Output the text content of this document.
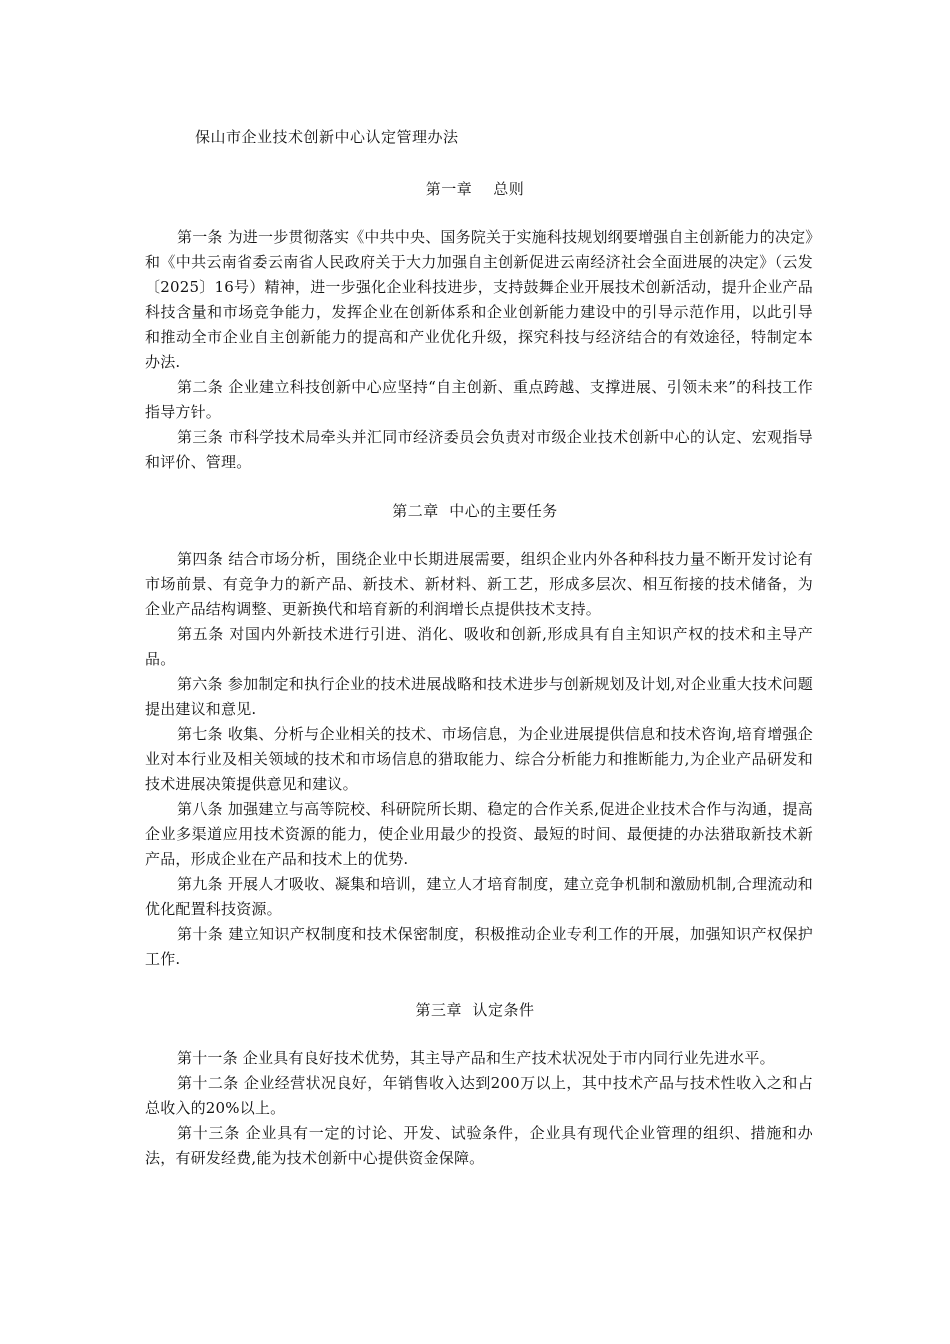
保山市企业技术创新中心认定管理办法
第一章    总则

第一条 为进一步贯彻落实《中共中央、国务院关于实施科技规划纲要增强自主创新能力的决定》和《中共云南省委云南省人民政府关于大力加强自主创新促进云南经济社会全面进展的决定》（云发〔2025〕16号）精神，进一步强化企业科技进步，支持鼓舞企业开展技术创新活动，提升企业产品科技含量和市场竞争能力，发挥企业在创新体系和企业创新能力建设中的引导示范作用，以此引导和推动全市企业自主创新能力的提高和产业优化升级，探究科技与经济结合的有效途径，特制定本办法.

第二条 企业建立科技创新中心应坚持“自主创新、重点跨越、支撑进展、引领未来”的科技工作指导方针。

第三条 市科学技术局牵头并汇同市经济委员会负责对市级企业技术创新中心的认定、宏观指导和评价、管理。

第二章  中心的主要任务

第四条 结合市场分析，围绕企业中长期进展需要，组织企业内外各种科技力量不断开发讨论有市场前景、有竞争力的新产品、新技术、新材料、新工艺，形成多层次、相互衔接的技术储备，为企业产品结构调整、更新换代和培育新的利润增长点提供技术支持。

第五条 对国内外新技术进行引进、消化、吸收和创新,形成具有自主知识产权的技术和主导产品。

第六条 参加制定和执行企业的技术进展战略和技术进步与创新规划及计划,对企业重大技术问题提出建议和意见.

第七条 收集、分析与企业相关的技术、市场信息，为企业进展提供信息和技术咨询,培育增强企业对本行业及相关领域的技术和市场信息的猎取能力、综合分析能力和推断能力,为企业产品研发和技术进展决策提供意见和建议。

第八条 加强建立与高等院校、科研院所长期、稳定的合作关系,促进企业技术合作与沟通，提高企业多渠道应用技术资源的能力，使企业用最少的投资、最短的时间、最便捷的办法猎取新技术新产品，形成企业在产品和技术上的优势.

第九条 开展人才吸收、凝集和培训，建立人才培育制度，建立竞争机制和激励机制,合理流动和优化配置科技资源。

第十条 建立知识产权制度和技术保密制度，积极推动企业专利工作的开展，加强知识产权保护工作.

第三章  认定条件

第十一条 企业具有良好技术优势，其主导产品和生产技术状况处于市内同行业先进水平。

第十二条 企业经营状况良好，年销售收入达到200万以上，其中技术产品与技术性收入之和占总收入的20%以上。

第十三条 企业具有一定的讨论、开发、试验条件，企业具有现代企业管理的组织、措施和办法，有研发经费,能为技术创新中心提供资金保障。
